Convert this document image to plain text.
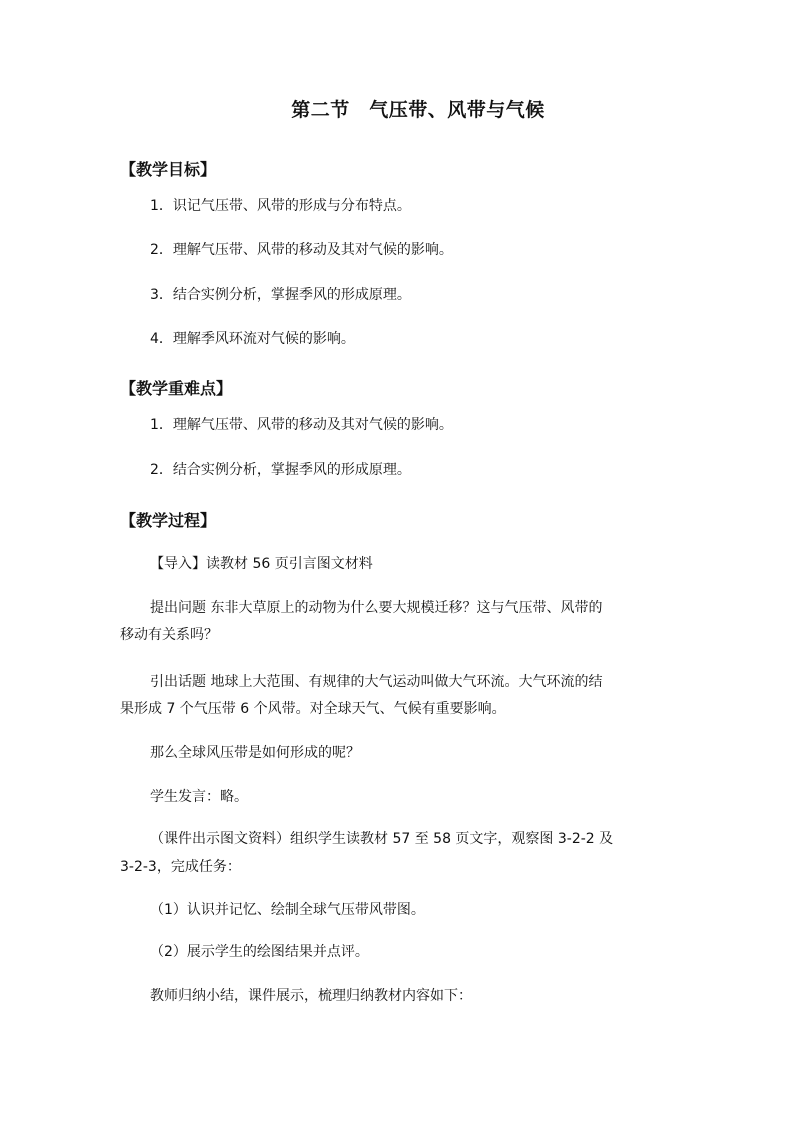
第二节　气压带、风带与气候
【教学目标】
1．识记气压带、风带的形成与分布特点。
2．理解气压带、风带的移动及其对气候的影响。
3．结合实例分析，掌握季风的形成原理。
4．理解季风环流对气候的影响。
【教学重难点】
1．理解气压带、风带的移动及其对气候的影响。
2．结合实例分析，掌握季风的形成原理。
【教学过程】
【导入】读教材 56 页引言图文材料
提出问题 东非大草原上的动物为什么要大规模迁移？这与气压带、风带的
移动有关系吗？
引出话题 地球上大范围、有规律的大气运动叫做大气环流。大气环流的结
果形成 7 个气压带 6 个风带。对全球天气、气候有重要影响。
那么全球风压带是如何形成的呢？
学生发言：略。
（课件出示图文资料）组织学生读教材 57 至 58 页文字，观察图 3-2-2 及
3-2-3，完成任务：
（1）认识并记忆、绘制全球气压带风带图。
（2）展示学生的绘图结果并点评。
教师归纳小结，课件展示，梳理归纳教材内容如下：
